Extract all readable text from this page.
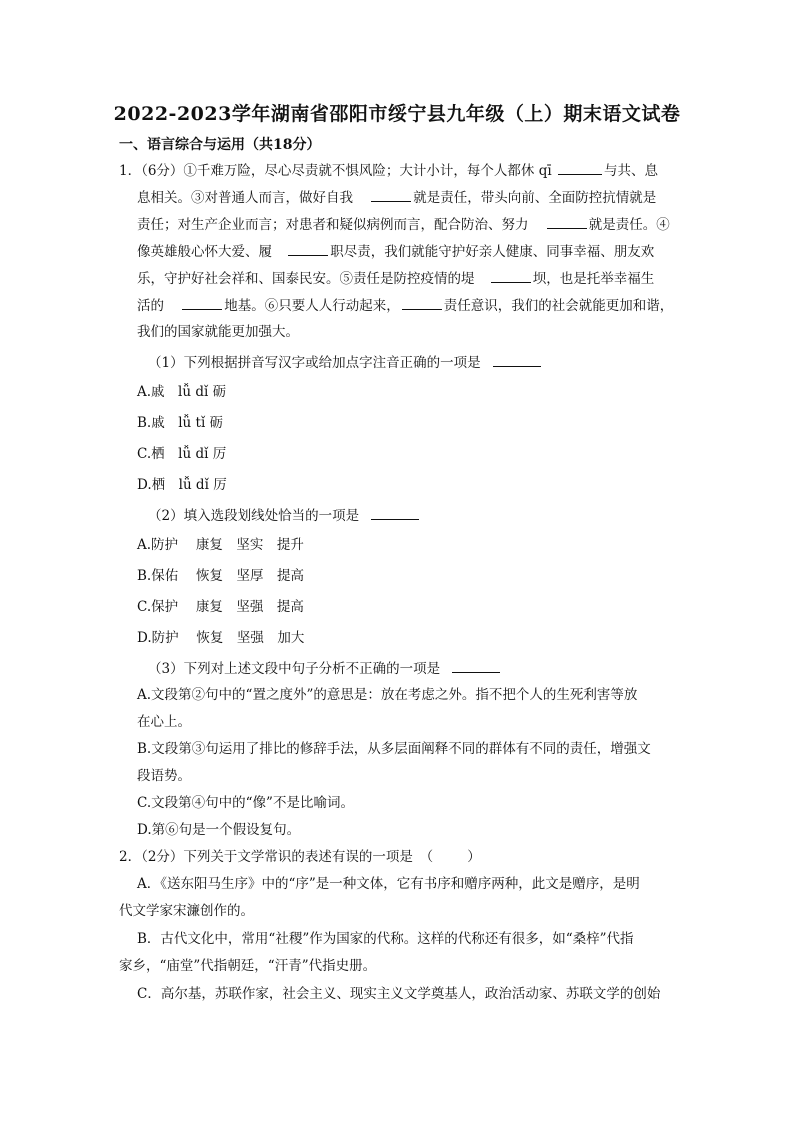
2022-2023学年湖南省邵阳市绥宁县九年级（上）期末语文试卷
一、语言综合与运用（共18分）
1．（6分）①千难万险，尽心尽责就不惧风险；大计小计，每个人都休 qī	与共、息
息相关。③对普通人而言，做好自我	就是责任，带头向前、全面防控抗情就是
责任；对生产企业而言；对患者和疑似病例而言，配合防治、努力	就是责任。④
像英雄般心怀大爱、履	职尽责，我们就能守护好亲人健康、同事幸福、朋友欢
乐，守护好社会祥和、国泰民安。⑤责任是防控疫情的堤	坝，也是托举幸福生
活的	地基。⑥只要人人行动起来，	责任意识，我们的社会就能更加和谐，
我们的国家就能更加强大。
（1）下列根据拼音写汉字或给加点字注音正确的一项是
A.戚　lǚ dǐ 砺
B.戚　lǚ tǐ 砺
C.栖　lǚ dǐ 厉
D.栖　lǚ dǐ 厉
（2）填入选段划线处恰当的一项是
A.防护　 康复　坚实　提升
B.保佑　 恢复　坚厚　提高
C.保护　 康复　坚强　提高
D.防护　 恢复　坚强　加大
（3）下列对上述文段中句子分析不正确的一项是
A.文段第②句中的“置之度外”的意思是：放在考虑之外。指不把个人的生死利害等放
在心上。
B.文段第③句运用了排比的修辞手法，从多层面阐释不同的群体有不同的责任，增强文
段语势。
C.文段第④句中的“像”不是比喻词。
D.第⑥句是一个假设复句。
2．（2分）下列关于文学常识的表述有误的一项是　（	）
A．《送东阳马生序》中的“序”是一种文体，它有书序和赠序两种，此文是赠序，是明
代文学家宋濂创作的。
B．古代文化中，常用“社稷”作为国家的代称。这样的代称还有很多，如“桑梓”代指
家乡，“庙堂”代指朝廷，“汗青”代指史册。
C．高尔基，苏联作家，社会主义、现实主义文学奠基人，政治活动家、苏联文学的创始
